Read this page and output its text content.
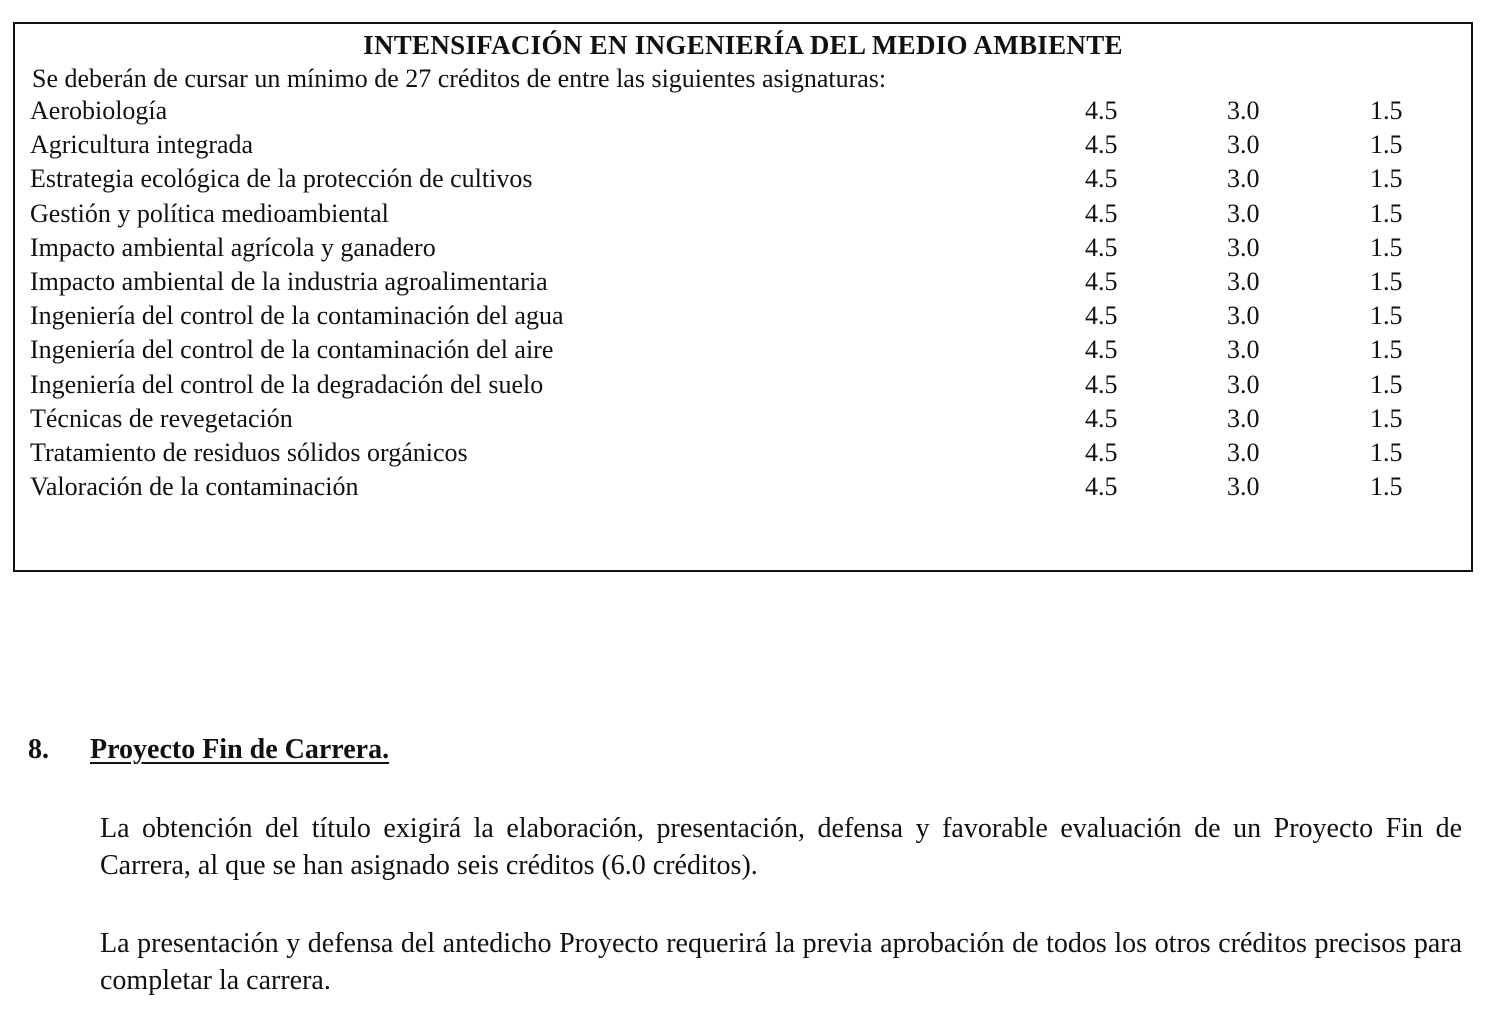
INTENSIFACIÓN EN INGENIERÍA DEL MEDIO AMBIENTE
Se deberán de cursar un mínimo de 27 créditos de entre las siguientes asignaturas:
Aerobiología	4.5	3.0	1.5
Agricultura integrada	4.5	3.0	1.5
Estrategia ecológica de la protección de cultivos	4.5	3.0	1.5
Gestión y política medioambiental	4.5	3.0	1.5
Impacto ambiental agrícola y ganadero	4.5	3.0	1.5
Impacto ambiental de la industria agroalimentaria	4.5	3.0	1.5
Ingeniería del control de la contaminación del agua	4.5	3.0	1.5
Ingeniería del control de la contaminación del aire	4.5	3.0	1.5
Ingeniería del control de la degradación del suelo	4.5	3.0	1.5
Técnicas de revegetación	4.5	3.0	1.5
Tratamiento de residuos sólidos orgánicos	4.5	3.0	1.5
Valoración de la contaminación	4.5	3.0	1.5
8. Proyecto Fin de Carrera.
La obtención del título exigirá la elaboración, presentación, defensa y favorable evaluación de un Proyecto Fin de Carrera, al que se han asignado seis créditos (6.0 créditos).
La presentación y defensa del antedicho Proyecto requerirá la previa aprobación de todos los otros créditos precisos para completar la carrera.
